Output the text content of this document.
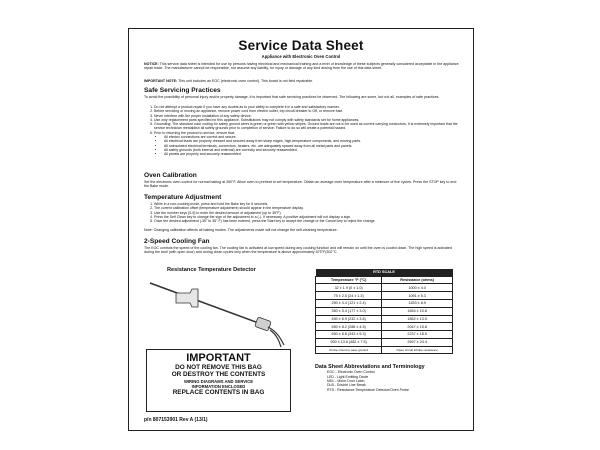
Service Data Sheet
Appliance with Electronic Oven Control
NOTICE: This service data sheet is intended for use by persons having electrical and mechanical training and a level of knowledge of these subjects generally considered acceptable in the appliance repair trade. The manufacturer cannot be responsible, nor assume any liability, for injury or damage of any kind arising from the use of this data sheet.
IMPORTANT NOTE: This unit includes an EOC (electronic oven control). This board is not field repairable.
Safe Servicing Practices
To avoid the possibility of personal injury and/or property damage, it is important that safe servicing practices be observed. The following are some, but not all, examples of safe practices.
1. Do not attempt a product repair if you have any doubts as to your ability to complete it in a safe and satisfactory manner.
2. Before servicing or moving an appliance, remove power cord from electric outlet, trip circuit breaker to Off, or remove fuse.
3. Never interfere with the proper installation of any safety device.
4. Use only replacement parts specified for this appliance. Substitutions may not comply with safety standards set for home appliances.
5. Grounding: The standard color coding for safety ground wires is green or green with yellow stripes. Ground leads are not to be used as current carrying conductors. It is extremely important that the service technician reestablish all safety grounds prior to completion of service. Failure to do so will create a potential hazard.
6. Prior to returning the product to service, ensure that:
• All electric connections are correct and secure.
• All electrical leads are properly dressed and secured away from sharp edges, high-temperature components, and moving parts.
• All uninsulated electrical terminals, connectors, heaters, etc. are adequately spaced away from all metal parts and panels.
• All safety grounds (both internal and external) are correctly and securely reassembled.
• All panels are properly and securely reassembled.
Oven Calibration
Set the electronic oven control for normal baking at 350°F. Allow oven to preheat to set temperature. Obtain an average oven temperature after a minimum of five cycles. Press the STOP key to end the Bake mode.
Temperature Adjustment
1. While in a non-cooking mode, press and hold the Bake key for 6 seconds.
2. The current calibration offset (temperature adjustment) should appear in the temperature display.
3. Use the number keys (0-9) to enter the desired amount of adjustment (up to 35°F).
4. Press the Self Clean key to change the sign of the adjustment to a (-). If necessary. A positive adjustment will not display a sign.
5. Once the desired adjustment (-35° to 35° F) has been entered, press the Start key to accept the change or the Cancel key to reject the change.
Note: Changing calibration affects all baking modes. The adjustments made will not change the self-cleaning temperature.
2-Speed Cooling Fan
The EOC controls the speed of the cooling fan. The cooling fan is activated at low speed during any cooking function and will remain on until the oven is cooled down. The high speed is activated during the broil (with open door) and during clean cycles only when the temperature is above approximately 575°F(302°C.
Resistance Temperature Detector	RTD SCALE	
Temperature °F (°C)	Resistance (ohms)
32 ± 1.9 (0 ± 1.0)	1000 ± 4.0
75 ± 2.5 (24 ± 1.3)	1091 ± 5.3
250 ± 4.4 (121 ± 2.4)	1453 ± 8.9
350 ± 5.4 (177 ± 3.0)	1654 ± 10.8
450 ± 6.9 (232 ± 3.6)	1852 ± 13.5
550 ± 8.2 (288 ± 4.5)	2047 ± 15.8
650 ± 8.8 (343 ± 5.3)	2237 ± 18.5
900 ± 13.6 (482 ± 7.5)	2697 ± 24.4
Probe circuit to case ground	Open circuit infinite resistance
IMPORTANT
DO NOT REMOVE THIS BAG
OR DESTROY THE CONTENTS
WIRING DIAGRAMS AND SERVICE
INFORMATION ENCLOSED
REPLACE CONTENTS IN BAG
p/n 807153901 Rev A (13/1)
Data Sheet Abbreviations and Terminology
EOC - Electronic Oven Control
LED - Light Emitting Diode
MDL - Motor Door Latch
DLB - Double Line Break
RTD - Resistance Temperature Detector/Oven Probe
